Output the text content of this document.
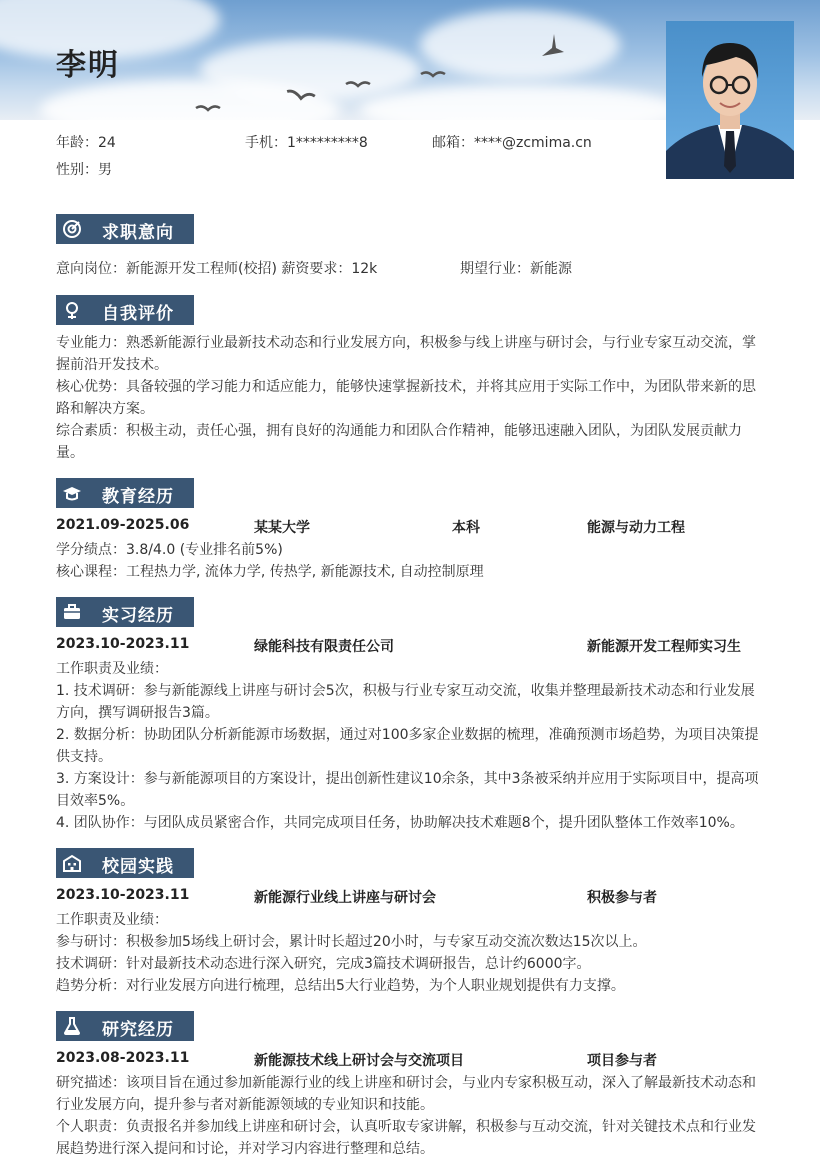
李明
年龄：24	手机：1*********8	邮箱：****@zcmima.cn
性别：男
求职意向
意向岗位：新能源开发工程师(校招) 薪资要求：12k	期望行业：新能源
自我评价
专业能力：熟悉新能源行业最新技术动态和行业发展方向，积极参与线上讲座与研讨会，与行业专家互动交流，掌
握前沿开发技术。
核心优势：具备较强的学习能力和适应能力，能够快速掌握新技术，并将其应用于实际工作中，为团队带来新的思
路和解决方案。
综合素质：积极主动，责任心强，拥有良好的沟通能力和团队合作精神，能够迅速融入团队，为团队发展贡献力
量。
教育经历
2021.09-2025.06	某某大学	本科	能源与动力工程
学分绩点：3.8/4.0 (专业排名前5%)
核心课程：工程热力学, 流体力学, 传热学, 新能源技术, 自动控制原理
实习经历
2023.10-2023.11	绿能科技有限责任公司	新能源开发工程师实习生
工作职责及业绩：
1. 技术调研：参与新能源线上讲座与研讨会5次，积极与行业专家互动交流，收集并整理最新技术动态和行业发展
方向，撰写调研报告3篇。
2. 数据分析：协助团队分析新能源市场数据，通过对100多家企业数据的梳理，准确预测市场趋势，为项目决策提
供支持。
3. 方案设计：参与新能源项目的方案设计，提出创新性建议10余条，其中3条被采纳并应用于实际项目中，提高项
目效率5%。
4. 团队协作：与团队成员紧密合作，共同完成项目任务，协助解决技术难题8个，提升团队整体工作效率10%。
校园实践
2023.10-2023.11	新能源行业线上讲座与研讨会	积极参与者
工作职责及业绩：
参与研讨：积极参加5场线上研讨会，累计时长超过20小时，与专家互动交流次数达15次以上。
技术调研：针对最新技术动态进行深入研究，完成3篇技术调研报告，总计约6000字。
趋势分析：对行业发展方向进行梳理，总结出5大行业趋势，为个人职业规划提供有力支撑。
研究经历
2023.08-2023.11	新能源技术线上研讨会与交流项目	项目参与者
研究描述：该项目旨在通过参加新能源行业的线上讲座和研讨会，与业内专家积极互动，深入了解最新技术动态和
行业发展方向，提升参与者对新能源领域的专业知识和技能。
个人职责：负责报名并参加线上讲座和研讨会，认真听取专家讲解，积极参与互动交流，针对关键技术点和行业发
展趋势进行深入提问和讨论，并对学习内容进行整理和总结。
